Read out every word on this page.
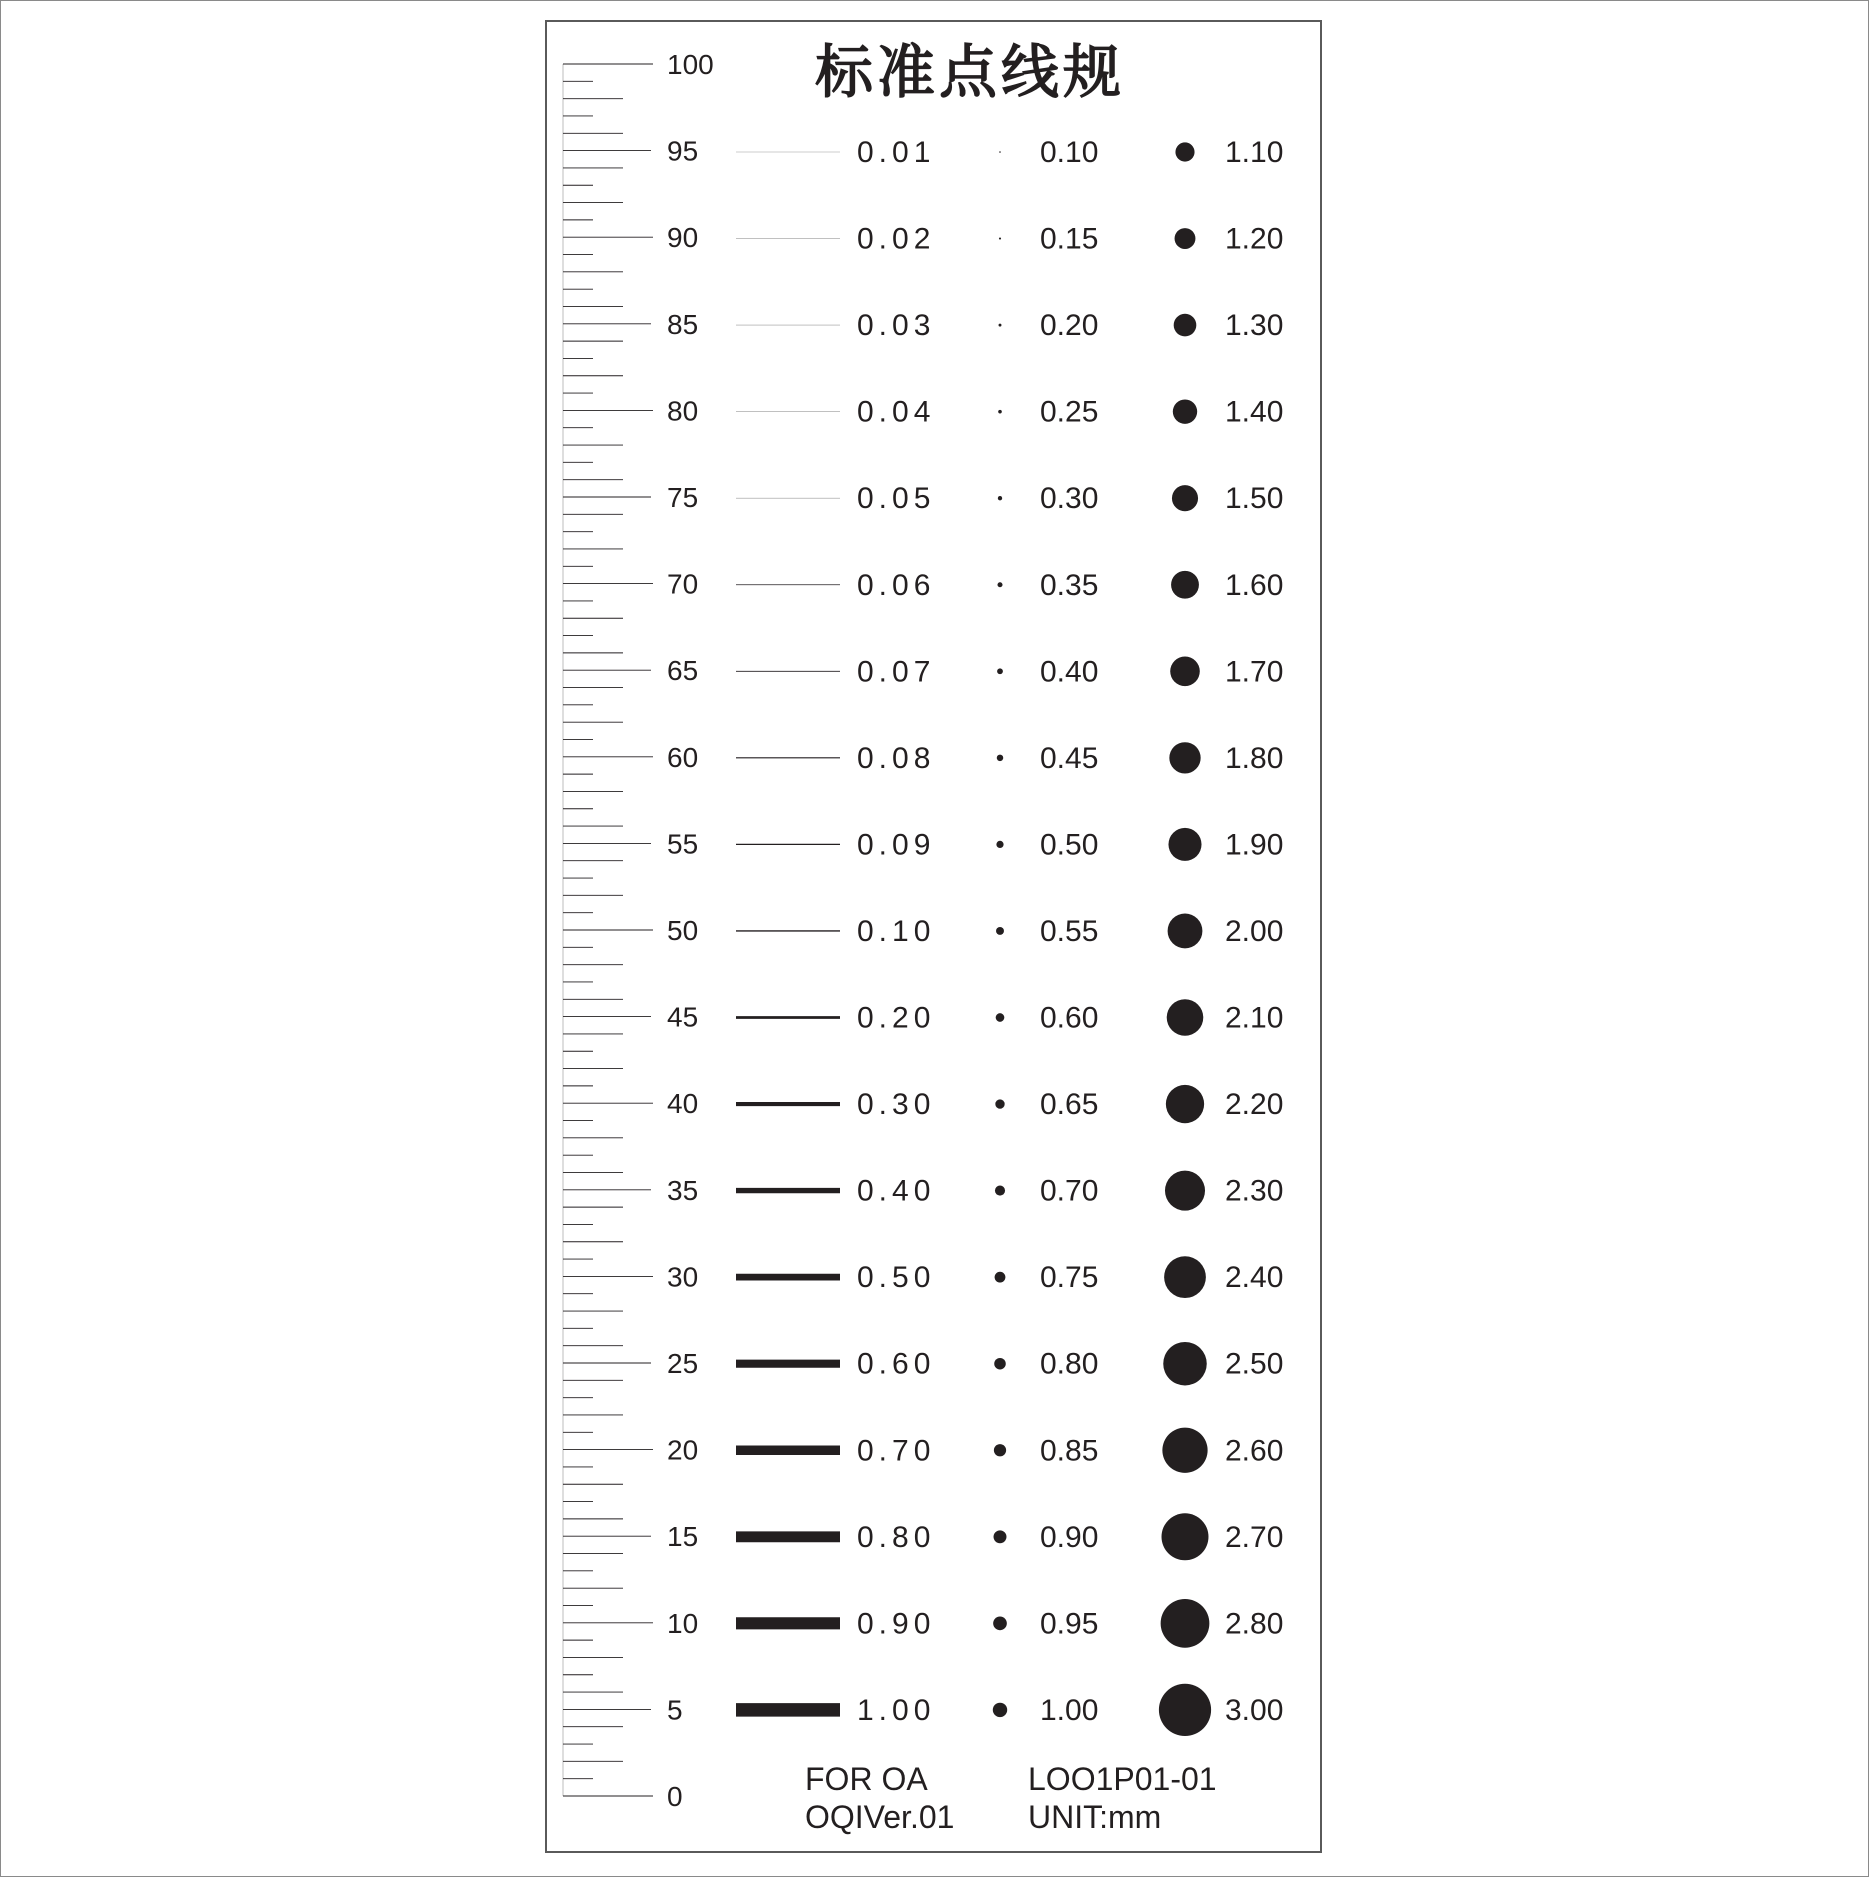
标准点线规
100
95
90
85
80
75
70
65
60
55
50
45
40
35
30
25
20
15
10
5
0
0.01
0.02
0.03
0.04
0.05
0.06
0.07
0.08
0.09
0.10
0.20
0.30
0.40
0.50
0.60
0.70
0.80
0.90
1.00
0.10
0.15
0.20
0.25
0.30
0.35
0.40
0.45
0.50
0.55
0.60
0.65
0.70
0.75
0.80
0.85
0.90
0.95
1.00
1.10
1.20
1.30
1.40
1.50
1.60
1.70
1.80
1.90
2.00
2.10
2.20
2.30
2.40
2.50
2.60
2.70
2.80
3.00
FOR OA
OQIVer.01
LOO1P01-01
UNIT:mm
